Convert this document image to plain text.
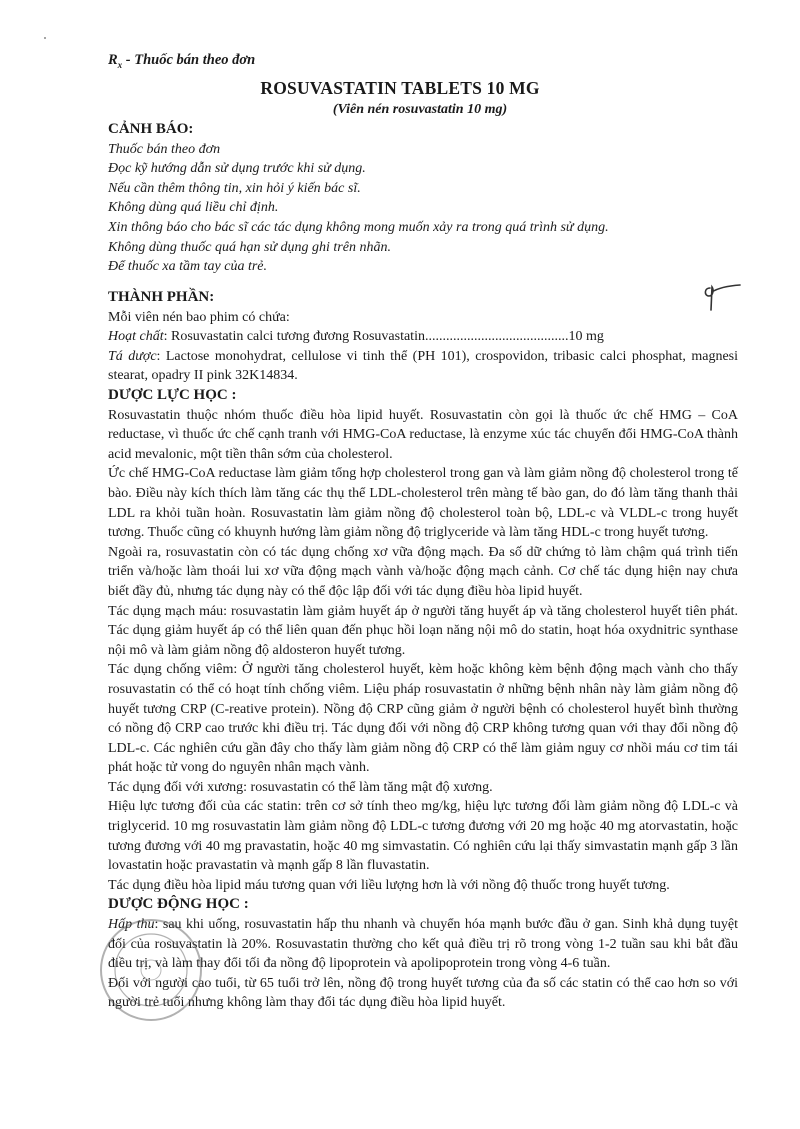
$R_x$ - Thuốc bán theo đơn
ROSUVASTATIN TABLETS 10 MG
(Viên nén rosuvastatin 10 mg)
CẢNH BÁO:
Thuốc bán theo đơn
Đọc kỹ hướng dẫn sử dụng trước khi sử dụng.
Nếu cần thêm thông tin, xin hỏi ý kiến bác sĩ.
Không dùng quá liều chỉ định.
Xin thông báo cho bác sĩ các tác dụng không mong muốn xảy ra trong quá trình sử dụng.
Không dùng thuốc quá hạn sử dụng ghi trên nhãn.
Để thuốc xa tầm tay của trẻ.
THÀNH PHẦN:
Mỗi viên nén bao phim có chứa:
Hoạt chất: Rosuvastatin calci tương đương Rosuvastatin.........................................10 mg
Tá dược: Lactose monohydrat, cellulose vi tinh thể (PH 101), crospovidon, tribasic calci phosphat, magnesi stearat, opadry II pink 32K14834.
DƯỢC LỰC HỌC :
Rosuvastatin thuộc nhóm thuốc điều hòa lipid huyết. Rosuvastatin còn gọi là thuốc ức chế HMG – CoA reductase, vì thuốc ức chế cạnh tranh với HMG-CoA reductase, là enzyme xúc tác chuyển đổi HMG-CoA thành acid mevalonic, một tiền thân sớm của cholesterol.
Ức chế HMG-CoA reductase làm giảm tổng hợp cholesterol trong gan và làm giảm nồng độ cholesterol trong tế bào. Điều này kích thích làm tăng các thụ thể LDL-cholesterol trên màng tế bào gan, do đó làm tăng thanh thải LDL ra khỏi tuần hoàn. Rosuvastatin làm giảm nồng độ cholesterol toàn bộ, LDL-c và VLDL-c trong huyết tương. Thuốc cũng có khuynh hướng làm giảm nồng độ triglyceride và làm tăng HDL-c trong huyết tương.
Ngoài ra, rosuvastatin còn có tác dụng chống xơ vữa động mạch. Đa số dữ chứng tỏ làm chậm quá trình tiến triển và/hoặc làm thoái lui xơ vữa động mạch vành và/hoặc động mạch cảnh. Cơ chế tác dụng hiện nay chưa biết đầy đủ, nhưng tác dụng này có thể độc lập đối với tác dụng điều hòa lipid huyết.
Tác dụng mạch máu: rosuvastatin làm giảm huyết áp ở người tăng huyết áp và tăng cholesterol huyết tiên phát. Tác dụng giảm huyết áp có thể liên quan đến phục hồi loạn năng nội mô do statin, hoạt hóa oxydnitric synthase nội mô và làm giảm nồng độ aldosteron huyết tương.
Tác dụng chống viêm: Ở người tăng cholesterol huyết, kèm hoặc không kèm bệnh động mạch vành cho thấy rosuvastatin có thể có hoạt tính chống viêm. Liệu pháp rosuvastatin ở những bệnh nhân này làm giảm nồng độ huyết tương CRP (C-reative protein). Nồng độ CRP cũng giảm ở người bệnh có cholesterol huyết bình thường có nồng độ CRP cao trước khi điều trị. Tác dụng đối với nồng độ CRP không tương quan với thay đổi nồng độ LDL-c. Các nghiên cứu gần đây cho thấy làm giảm nồng độ CRP có thể làm giảm nguy cơ nhồi máu cơ tim tái phát hoặc tử vong do nguyên nhân mạch vành.
Tác dụng đối với xương: rosuvastatin có thể làm tăng mật độ xương.
Hiệu lực tương đối của các statin: trên cơ sở tính theo mg/kg, hiệu lực tương đối làm giảm nồng độ LDL-c và triglycerid. 10 mg rosuvastatin làm giảm nồng độ LDL-c tương đương với 20 mg hoặc 40 mg atorvastatin, hoặc tương đương với 40 mg pravastatin, hoặc 40 mg simvastatin. Có nghiên cứu lại thấy simvastatin mạnh gấp 3 lần lovastatin hoặc pravastatin và mạnh gấp 8 lần fluvastatin.
Tác dụng điều hòa lipid máu tương quan với liều lượng hơn là với nồng độ thuốc trong huyết tương.
DƯỢC ĐỘNG HỌC :
Hấp thu: sau khi uống, rosuvastatin hấp thu nhanh và chuyển hóa mạnh bước đầu ở gan. Sinh khả dụng tuyệt đối của rosuvastatin là 20%. Rosuvastatin thường cho kết quả điều trị rõ trong vòng 1-2 tuần sau khi bắt đầu điều trị, và làm thay đổi tối đa nồng độ lipoprotein và apolipoprotein trong vòng 4-6 tuần.
Đối với người cao tuổi, từ 65 tuổi trở lên, nồng độ trong huyết tương của đa số các statin có thể cao hơn so với người trẻ tuổi nhưng không làm thay đổi tác dụng điều hòa lipid huyết.
